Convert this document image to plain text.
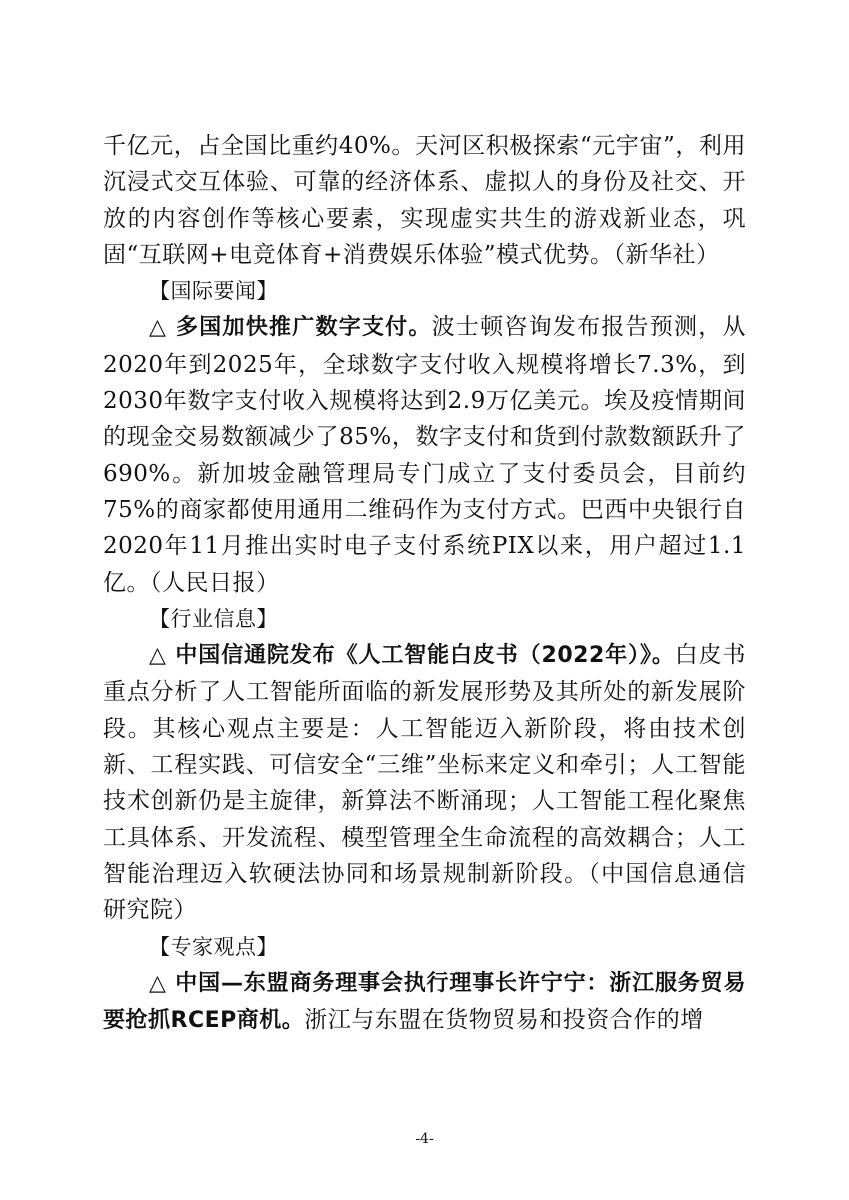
千亿元，占全国比重约40%。天河区积极探索“元宇宙”，利用沉浸式交互体验、可靠的经济体系、虚拟人的身份及社交、开放的内容创作等核心要素，实现虚实共生的游戏新业态，巩固“互联网+电竞体育+消费娱乐体验”模式优势。（新华社）

【国际要闻】

△ 多国加快推广数字支付。波士顿咨询发布报告预测，从2020年到2025年，全球数字支付收入规模将增长7.3%，到2030年数字支付收入规模将达到2.9万亿美元。埃及疫情期间的现金交易数额减少了85%，数字支付和货到付款数额跃升了690%。新加坡金融管理局专门成立了支付委员会，目前约75%的商家都使用通用二维码作为支付方式。巴西中央银行自2020年11月推出实时电子支付系统PIX以来，用户超过1.1亿。（人民日报）

【行业信息】

△ 中国信通院发布《人工智能白皮书（2022年）》。白皮书重点分析了人工智能所面临的新发展形势及其所处的新发展阶段。其核心观点主要是：人工智能迈入新阶段，将由技术创新、工程实践、可信安全“三维”坐标来定义和牵引；人工智能技术创新仍是主旋律，新算法不断涌现；人工智能工程化聚焦工具体系、开发流程、模型管理全生命流程的高效耦合；人工智能治理迈入软硬法协同和场景规制新阶段。（中国信息通信研究院）

【专家观点】

△ 中国—东盟商务理事会执行理事长许宁宁：浙江服务贸易要抢抓RCEP商机。浙江与东盟在货物贸易和投资合作的增

-4-
